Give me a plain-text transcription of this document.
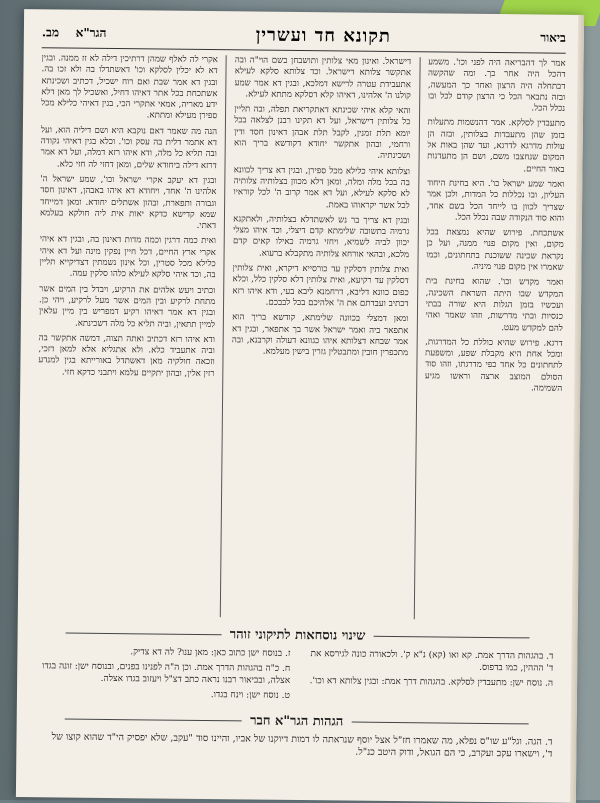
ביאור
תקונא חד ועשרין
הגר"א    מב.

אמר לך דהבריאה היה לפני וכו'. משמע דהכל היה אחר כך. ומה שהקשה דבתחלה היה הרצון ואחר כך המעשה, ובזה נתבאר הכל כי הרצון קודם לכל ובו נכלל הכל.

מתעבדין לסלקא. אמר דהנשמות מתעלות בזמן שהן מתעבדות בצלותין, ובזה הן עולות מדרגא לדרגא, ועד שהן באות אל המקום שנחצבו משם, ושם הן מתעדנות באור החיים.

ואמר שמע ישראל כו'. היא בחינת היחוד העליון, ובו נכללות כל המדות, ולכן אמר שצריך לכוון בו לייחד הכל בשם אחד, והוא סוד הנקודה שבה נכלל הכל.

אשתכחת. פירוש שהיא נמצאת בכל מקום, ואין מקום פנוי ממנה, ועל כן נקראת שכינה ששוכנת בתחתונים, וכמו שאמרו אין מקום פנוי מיניה.

ואמר מקדש וכו'. שהוא בחינת בית המקדש שבו היתה השראת השכינה, ועכשיו בזמן הגלות היא שורה בבתי כנסיות ובתי מדרשות, וזהו שאמר ואהי להם למקדש מעט.

דרגא. פירוש שהיא כוללת כל המדרגות, ומכל אחת היא מקבלת שפע, ומשפעת לתחתונים כל אחד כפי מדרגתו, וזהו סוד הסולם המוצב ארצה וראשו מגיע השמימה.

דישראל. ואינון מאי צלותין ותושבחן בשם הוי"ה ובה אתקשר צלותא דישראל. וכד צלותא סלקא לעילא אתעבידת עטרה לרישא דמלכא, ובגין דא אמר שמע קולנו ה' אלהינו, דאיהו קלא דסלקא מתתא לעילא.

והאי קלא איהי שכינתא דאתקריאת תפלה, ובה תליין כל צלותין דישראל, ועל דא תקינו רבנן לצלאה בכל יומא תלת זמנין, לקבל תלת אבהן דאינון חסד ודין ורחמי, ובהון אתקשר יחודא דקודשא בריך הוא ושכינתיה.

וצלותא איהי כלילא מכל ספירן, ובגין דא צריך לכוונא בה בכל מלה ומלה, ומאן דלא מכוון בצלותיה צלותיה לא סלקא לעילא, ועל דא אמר קרוב ה' לכל קוראיו לכל אשר יקראוהו באמת.

ובגין דא צריך בר נש לאשתדלא בצלותיה, ולאתקנא גרמיה בתשובה שלימתא קדם דיצלי, וכד איהו מצלי יכוון לביה לשמיא, ויחזי גרמיה כאילו קאים קדם מלכא, ובהאי אורחא צלותיה מתקבלא ברעוא.

ואית צלותין דסלקין עד כורסייא דיקרא, ואית צלותין דסלקין עד רקיעא, ואית צלותין דלא סלקין כלל, וכלא כפום כוונא דליבא, דרחמנא ליבא בעי, ודא איהו רזא דכתיב ועבדתם את ה' אלהיכם בכל לבבכם.

ומאן דמצלי בכוונה שלימתא, קודשא בריך הוא אתפאר ביה ואמר ישראל אשר בך אתפאר, ובגין דא אמר שבחא דצלותא איהו כגוונא דעולה וקרבנא, ובה מתכפרין חובין ומתבטלין גזרין בישין מעלמא.

אקרי לה לאלף שמהן דרתיכין דילה לא זז ממנה. ובגין דא לא יכלין לסלקא וכו' דאשתדלו בה ולא זכו בה. ובגין דא אמר שבת ואם רוח ישכיל, דכתיב ושכינתא אשתכחת בכל אתר דאיהו דחיל, ואשכיל לך מאן דלא ידע מאריה, אמאי אתקרי הכי, בגין דאיהי כלילא מכל ספירן מעילא ומתתא.

הנה מה שאמר דאם נוקבא היא ושם דיליה הוא, ועל דא אתמר דלית בה עסק וכו'. וכלא בגין דאיהי נקודה ובה תליא כל מלה, ודא איהו רזא דמלה, ועל דא אמר דרזא דילה ביחודא שלים, ומאן דחזי לה חזי כלא.

ובגין דא יעקב אקרי ישראל וכו', שמע ישראל ה' אלהינו ה' אחד, ויחודא דא איהו באבהן, דאינון חסד וגבורה ותפארת, ובהון אשתלים יחודא. ומאן דמייחד שמא קדישא כדקא יאות אית ליה חולקא בעלמא דאתי.

ואית כמה דרגין וכמה מדות דאינון בה, ובגין דא איהי אקרי ארץ החיים, דכל חיין נפקין מינה ועל דא איהי כלילא מכל סטרין, וכל אינון נשמתין דצדיקייא תליין בה, וכד איהי סלקא לעילא כלהו סלקין עמה.

וכתיב ויעש אלהים את הרקיע, ויבדל בין המים אשר מתחת לרקיע ובין המים אשר מעל לרקיע, ויהי כן. ובגין דא אמר דאיהו רקיע דמפריש בין מיין עלאין למיין תתאין, וביה תליא כל מלה דשכינתא.

ודא איהו רזא דכתיב ואתה תצוה, דמשה אתקשר בה וביה אתעביד כלא. ולא אתגליא אלא למאן דזכי, וזכאה חולקיה מאן דאשתדל באורייתא בגין למנדע רזין אלין, ובהון יתקיים עלמא ויתבני כדקא חזי.

שינוי נוסחאות לתיקוני זוהר

ד. בהגהות הדרך אמת. קא ואו (קא) נ"א ק'. ולכאורה כונה לגירסא את ד' הההין, כמו בדפוס.

ה. נוסח ישן: מתעבדין לסלקא. בהגהות דרך אמת: ובגין צלותא דא וכו'.

ז. בנוסח ישן כתוב כאן: מאן ענו? לה דא צדיק.

ח. כ"ה בהגהות הדרך אמת. וכן ה"ה לפנינו בפנים, ובנוסח ישן: זונה בגדו אצלה, ובביאור רבנו נראה כתב דצ"ל ויעזוב בגדו אצלה.

ט. נוסח ישן: וינח בגדו.

הגהות הגר"א חבר

ד. הגה. וגל"ע שו"ס נפלא, מה שאמרו חז"ל אצל יוסף שנראתה לו דמות דיוקנו של אביו, והיינו סוד "עקב, שלא יפסיק הי"ד שהוא קוצו של ד', וישארו עקב ועקרב, כי הם הגואל, ודוק היטב כנ"ל.
